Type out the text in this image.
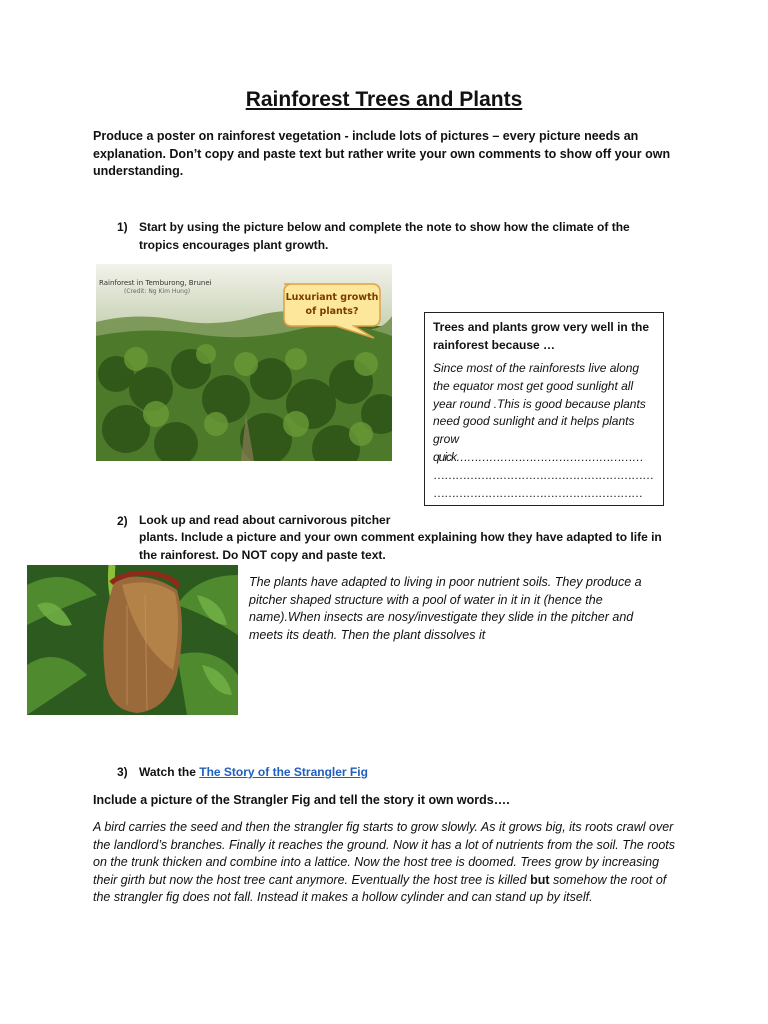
Rainforest Trees and Plants
Produce a poster on rainforest vegetation - include lots of pictures – every picture needs an explanation. Don’t copy and paste text but rather write your own comments to show off your own understanding.
1) Start by using the picture below and complete the note to show how the climate of the tropics encourages plant growth.
Rainforest in Temburong, Brunei
(Credit: Ng Kim Hung)
Luxuriant growth
of plants?
Trees and plants grow very well in the rainforest because …
Since most of the rainforests live along the equator most get good sunlight all year round .This is good because plants need good sunlight and it helps plants grow
quick……………………………………………
……………………………………………………
…………………………………………………
2) Look up and read about carnivorous pitcher
plants. Include a picture and your own comment explaining how they have adapted to life in the rainforest. Do NOT copy and paste text.
The plants have adapted to living in poor nutrient soils. They produce a pitcher shaped structure with a pool of water in it in it (hence the name).When insects are nosy/investigate they slide in the pitcher and meets its death. Then the plant dissolves it
3) Watch the The Story of the Strangler Fig
Include a picture of the Strangler Fig and tell the story it own words….
A bird carries the seed and then the strangler fig starts to grow slowly. As it grows big, its roots crawl over the landlord’s branches. Finally it reaches the ground. Now it has a lot of nutrients from the soil. The roots on the trunk thicken and combine into a lattice. Now the host tree is doomed. Trees grow by increasing their girth but now the host tree cant anymore. Eventually the host tree is killed but somehow the root of the strangler fig does not fall. Instead it makes a hollow cylinder and can stand up by itself.
